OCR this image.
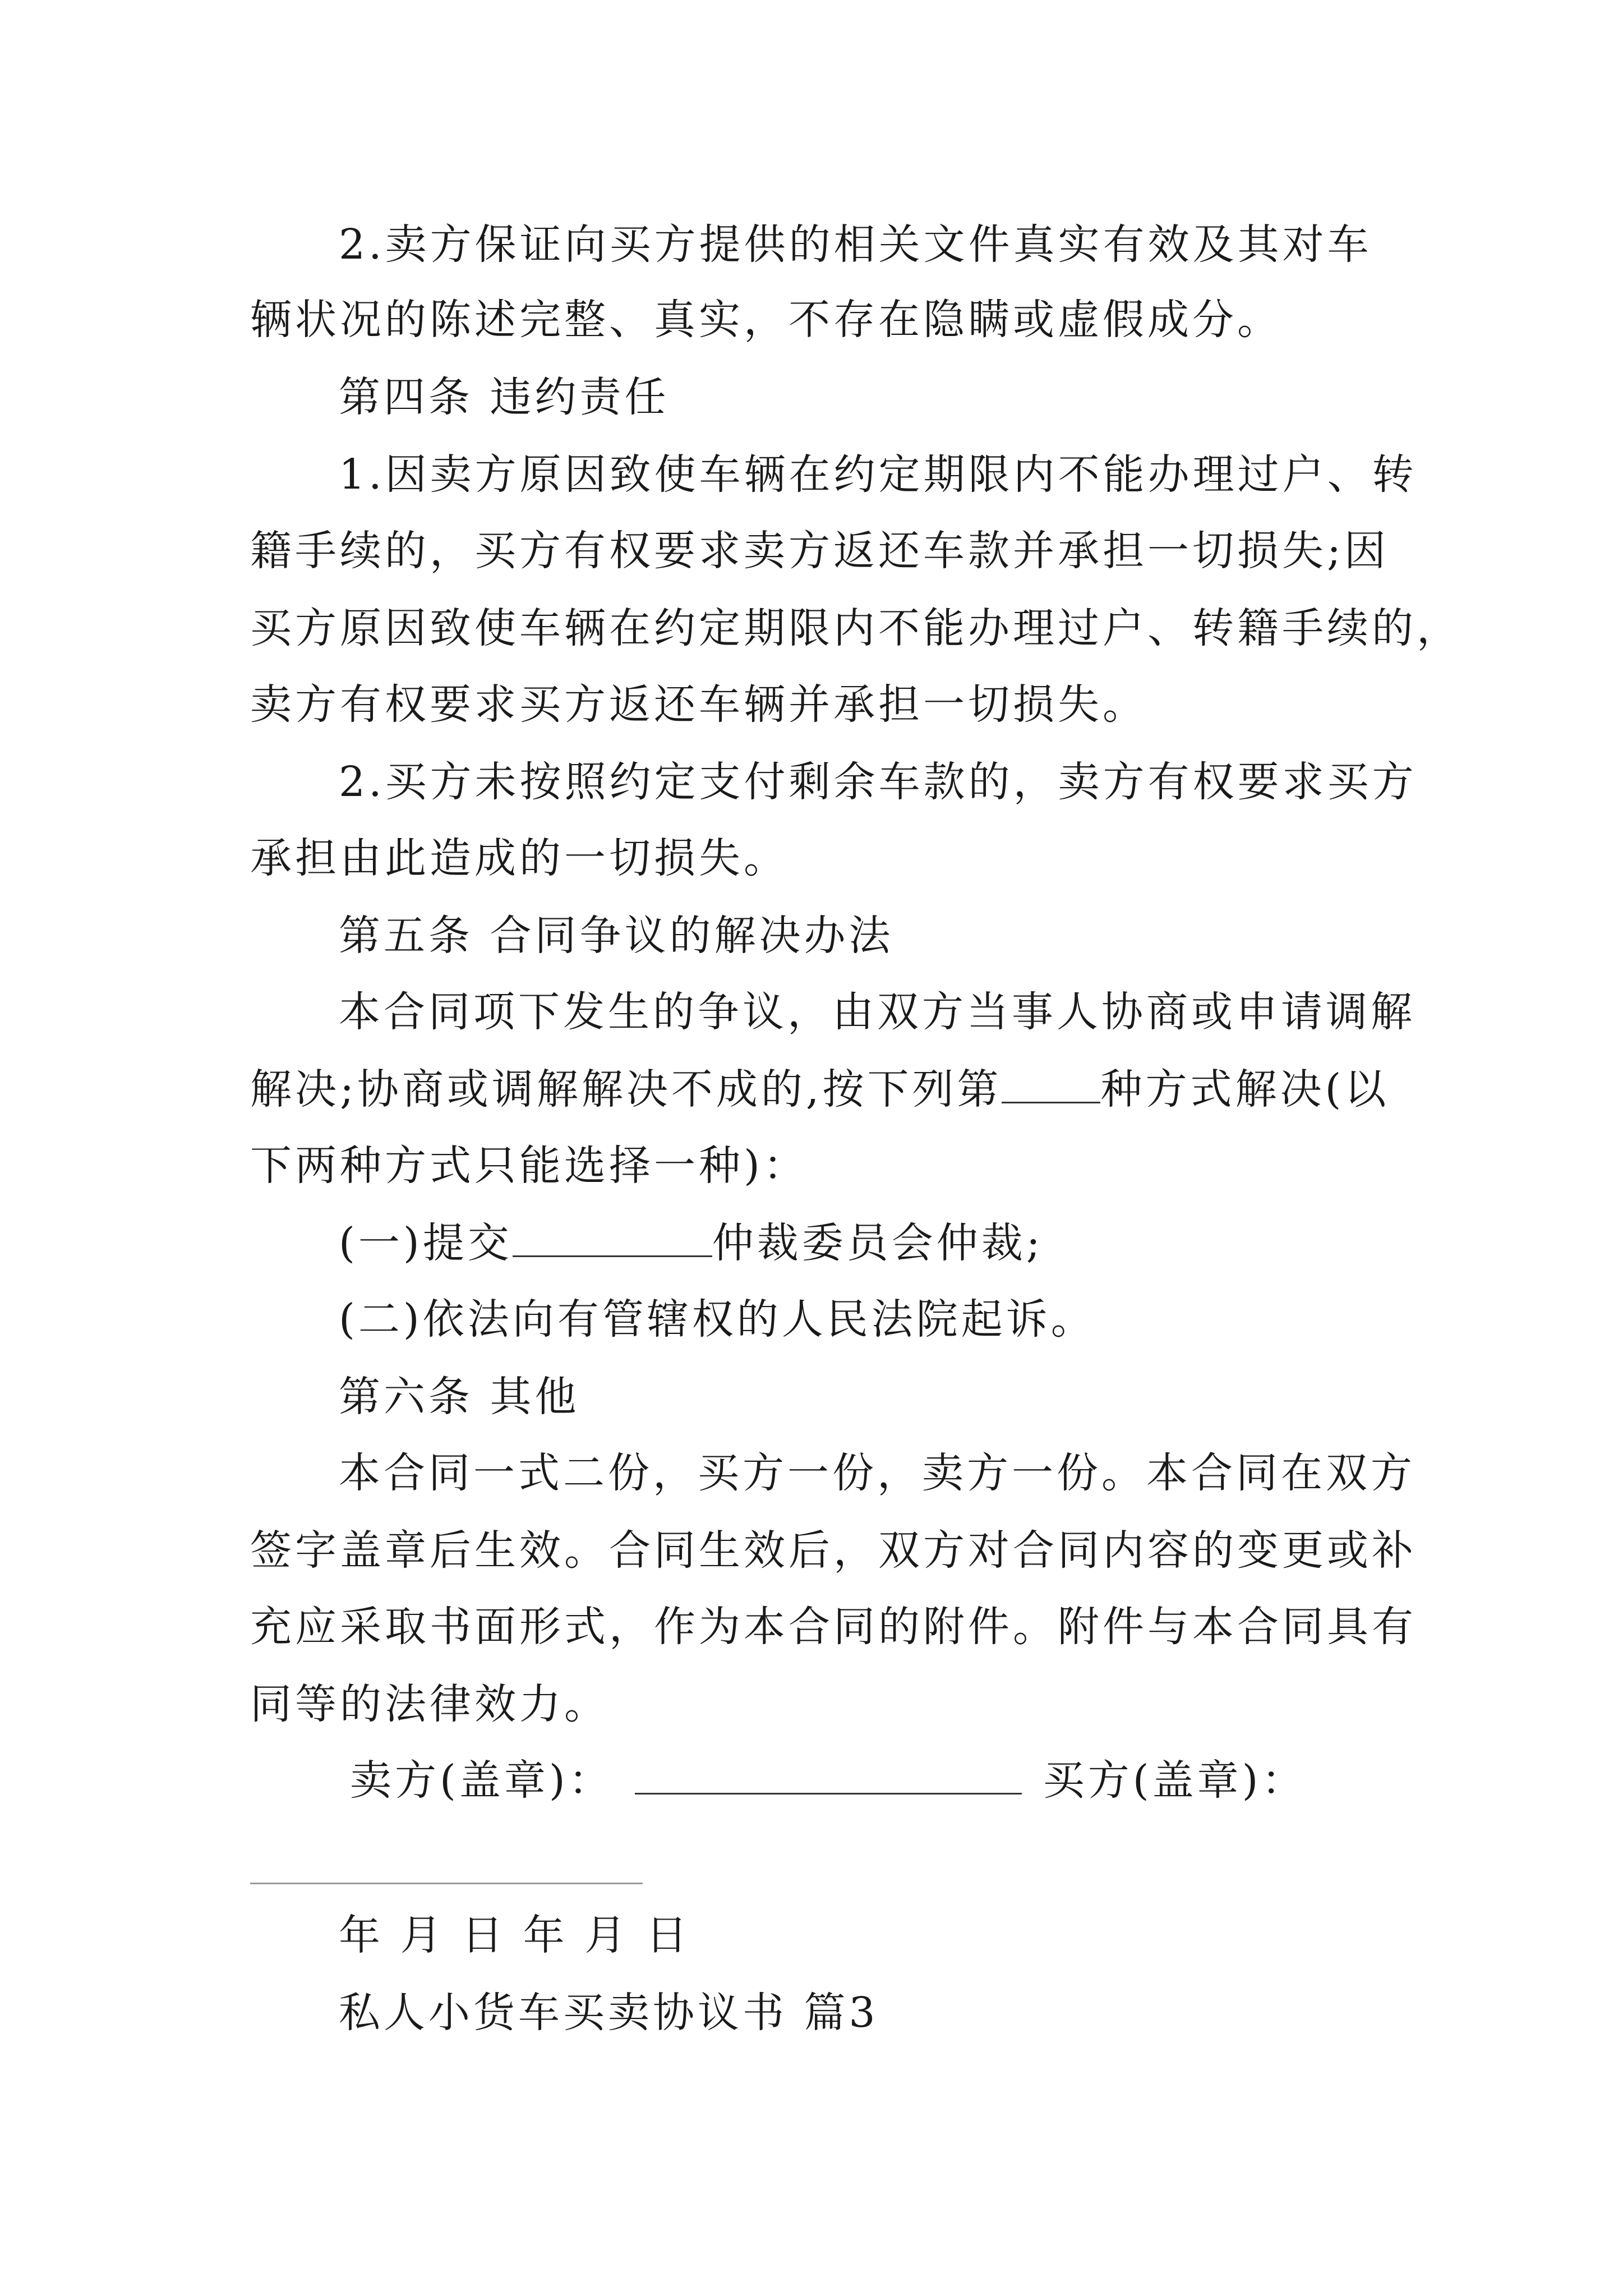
2.卖方保证向买方提供的相关文件真实有效及其对车
辆状况的陈述完整、真实，不存在隐瞒或虚假成分。
第四条 违约责任
1.因卖方原因致使车辆在约定期限内不能办理过户、转
籍手续的，买方有权要求卖方返还车款并承担一切损失;因
买方原因致使车辆在约定期限内不能办理过户、转籍手续的，
卖方有权要求买方返还车辆并承担一切损失。
2.买方未按照约定支付剩余车款的，卖方有权要求买方
承担由此造成的一切损失。
第五条 合同争议的解决办法
本合同项下发生的争议，由双方当事人协商或申请调解
解决;协商或调解解决不成的,按下列第 种方式解决(以
下两种方式只能选择一种)：
(一)提交	仲裁委员会仲裁;
(二)依法向有管辖权的人民法院起诉。
第六条 其他
本合同一式二份，买方一份，卖方一份。本合同在双方
签字盖章后生效。合同生效后，双方对合同内容的变更或补
充应采取书面形式，作为本合同的附件。附件与本合同具有
同等的法律效力。
卖方(盖章)：	买方(盖章)：
年 月 日 年 月 日
私人小货车买卖协议书 篇3
